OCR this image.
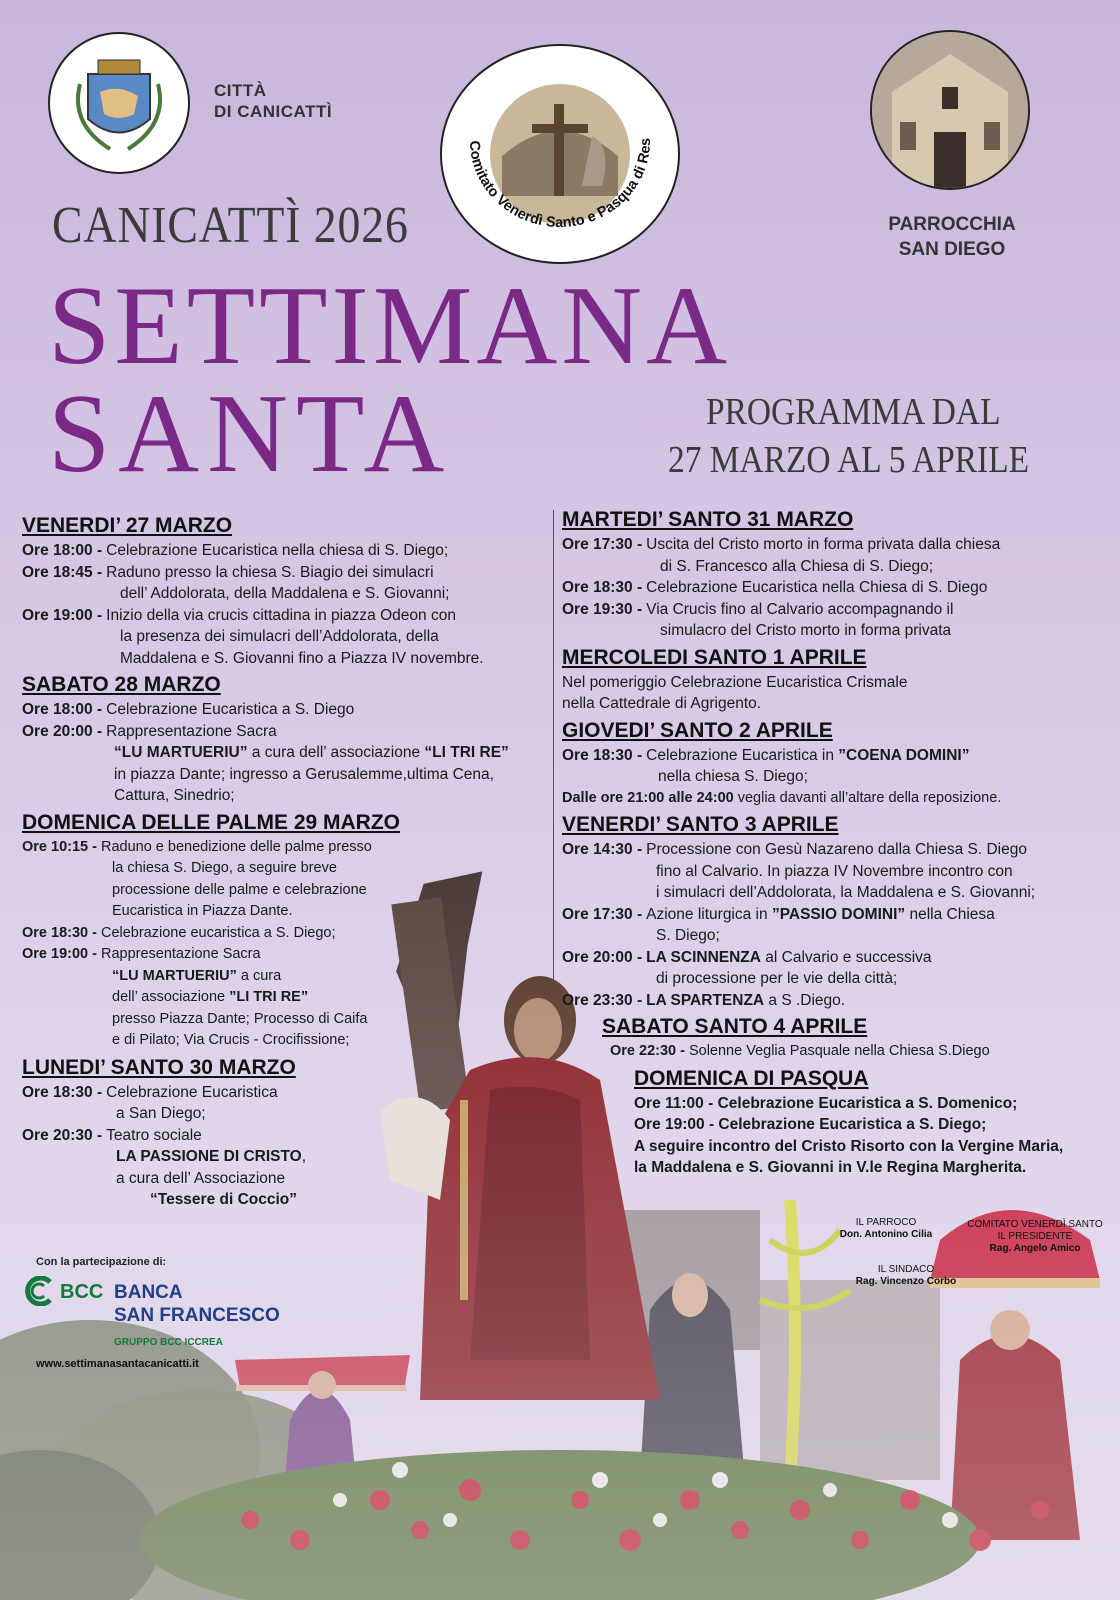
CITTÀ
DI CANICATTÌ
Comitato Venerdì Santo e Pasqua di Res
PARROCCHIA
SAN DIEGO
CANICATTÌ 2026
SETTIMANA
SANTA	PROGRAMMA DAL
27 MARZO AL 5 APRILE
VENERDI’ 27 MARZO
Ore 18:00 - Celebrazione Eucaristica nella chiesa di S. Diego;
Ore 18:45 - Raduno presso la chiesa S. Biagio dei simulacri
dell’ Addolorata, della Maddalena e S. Giovanni;
Ore 19:00 - Inizio della via crucis cittadina in piazza Odeon con
la presenza dei simulacri dell’Addolorata, della
Maddalena e S. Giovanni fino a Piazza IV novembre.
SABATO 28 MARZO
Ore 18:00 - Celebrazione Eucaristica a S. Diego
Ore 20:00 - Rappresentazione Sacra
“LU MARTUERIU” a cura dell’ associazione “LI TRI RE”
in piazza Dante; ingresso a Gerusalemme,ultima Cena,
Cattura, Sinedrio;
DOMENICA DELLE PALME 29 MARZO
Ore 10:15 - Raduno e benedizione delle palme presso
la chiesa S. Diego, a seguire breve
processione delle palme e celebrazione
Eucaristica in Piazza Dante.
Ore 18:30 - Celebrazione eucaristica a S. Diego;
Ore 19:00 - Rappresentazione Sacra
“LU MARTUERIU” a cura
dell’ associazione ”LI TRI RE”
presso Piazza Dante; Processo di Caifa
e di Pilato; Via Crucis - Crocifissione;
LUNEDI’ SANTO 30 MARZO
Ore 18:30 - Celebrazione Eucaristica
a San Diego;
Ore 20:30 - Teatro sociale
LA PASSIONE DI CRISTO,
a cura dell’ Associazione
“Tessere di Coccio”
MARTEDI’ SANTO 31 MARZO
Ore 17:30 - Uscita del Cristo morto in forma privata dalla chiesa
di S. Francesco alla Chiesa di S. Diego;
Ore 18:30 - Celebrazione Eucaristica nella Chiesa di S. Diego
Ore 19:30 - Via Crucis fino al Calvario accompagnando il
simulacro del Cristo morto in forma privata
MERCOLEDI SANTO 1 APRILE
Nel pomeriggio Celebrazione Eucaristica Crismale
nella Cattedrale di Agrigento.
GIOVEDI’ SANTO 2 APRILE
Ore 18:30 - Celebrazione Eucaristica in ”COENA DOMINI”
nella chiesa S. Diego;
Dalle ore 21:00 alle 24:00 veglia davanti all’altare della reposizione.
VENERDI’ SANTO 3 APRILE
Ore 14:30 - Processione con Gesù Nazareno dalla Chiesa S. Diego
fino al Calvario. In piazza IV Novembre incontro con
i simulacri dell’Addolorata, la Maddalena e S. Giovanni;
Ore 17:30 - Azione liturgica in ”PASSIO DOMINI” nella Chiesa
S. Diego;
Ore 20:00 - LA SCINNENZA al Calvario e successiva
di processione per le vie della città;
Ore 23:30 - LA SPARTENZA a S .Diego.
SABATO SANTO 4 APRILE
Ore 22:30 - Solenne Veglia Pasquale nella Chiesa S.Diego
DOMENICA DI PASQUA
Ore 11:00 - Celebrazione Eucaristica a S. Domenico;
Ore 19:00 - Celebrazione Eucaristica a S. Diego;
A seguire incontro del Cristo Risorto con la Vergine Maria,
la Maddalena e S. Giovanni in V.le Regina Margherita.
IL PARROCO
Don. Antonino Cilia
COMITATO VENERDÌ SANTO
IL PRESIDENTE
Rag. Angelo Amico
IL SINDACO
Rag. Vincenzo Corbo
Con la partecipazione di:
BCC BANCA
SAN FRANCESCO
GRUPPO BCC ICCREA
www.settimanasantacanicatti.it
